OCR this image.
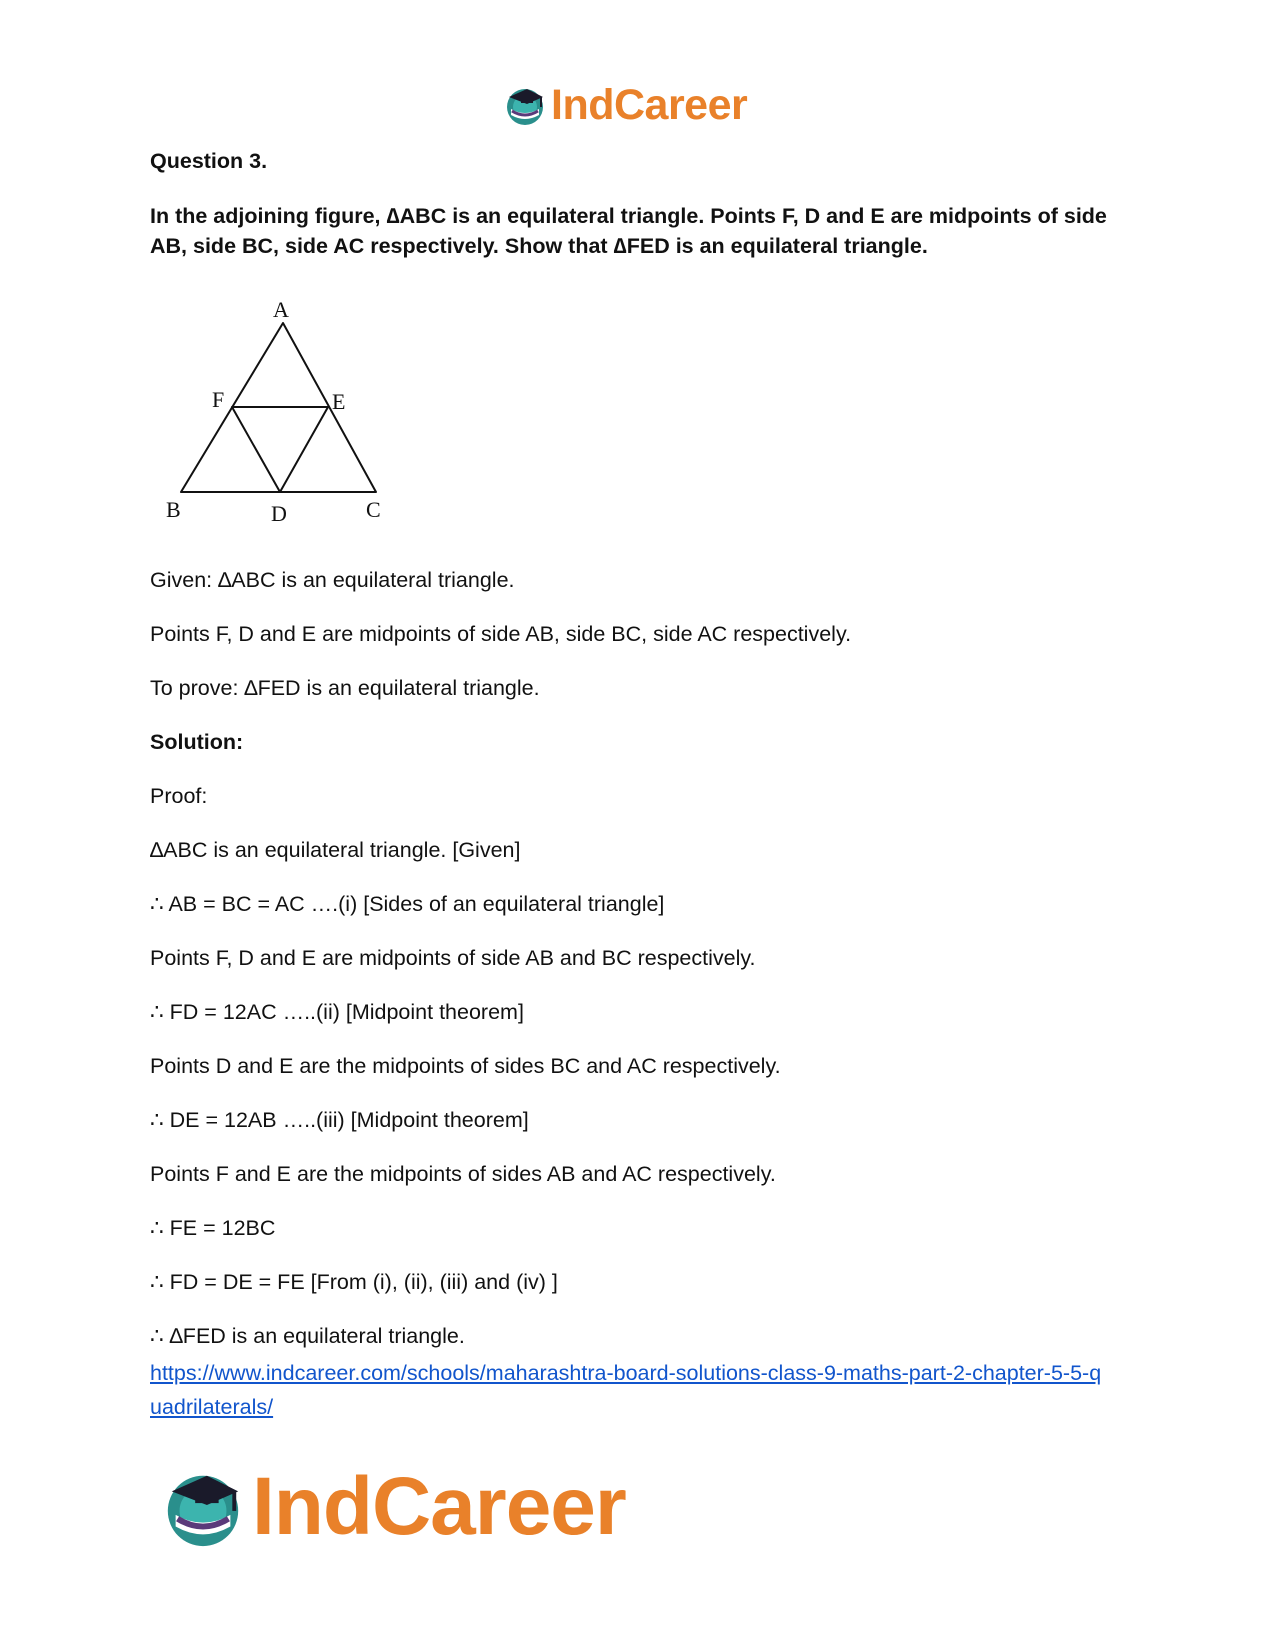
IndCareer
Question 3.
In the adjoining figure, ∆ABC is an equilateral triangle. Points F, D and E are midpoints of side AB, side BC, side AC respectively. Show that ∆FED is an equilateral triangle.
A
F	E
B	D	C
Given: ∆ABC is an equilateral triangle.
Points F, D and E are midpoints of side AB, side BC, side AC respectively.
To prove: ∆FED is an equilateral triangle.
Solution:
Proof:
∆ABC is an equilateral triangle. [Given]
∴ AB = BC = AC ….(i) [Sides of an equilateral triangle]
Points F, D and E are midpoints of side AB and BC respectively.
∴ FD = 12AC …..(ii) [Midpoint theorem]
Points D and E are the midpoints of sides BC and AC respectively.
∴ DE = 12AB …..(iii) [Midpoint theorem]
Points F and E are the midpoints of sides AB and AC respectively.
∴ FE = 12BC
∴ FD = DE = FE [From (i), (ii), (iii) and (iv) ]
∴ ∆FED is an equilateral triangle.
https://www.indcareer.com/schools/maharashtra-board-solutions-class-9-maths-part-2-chapter-5-5-quadrilaterals/
IndCareer
